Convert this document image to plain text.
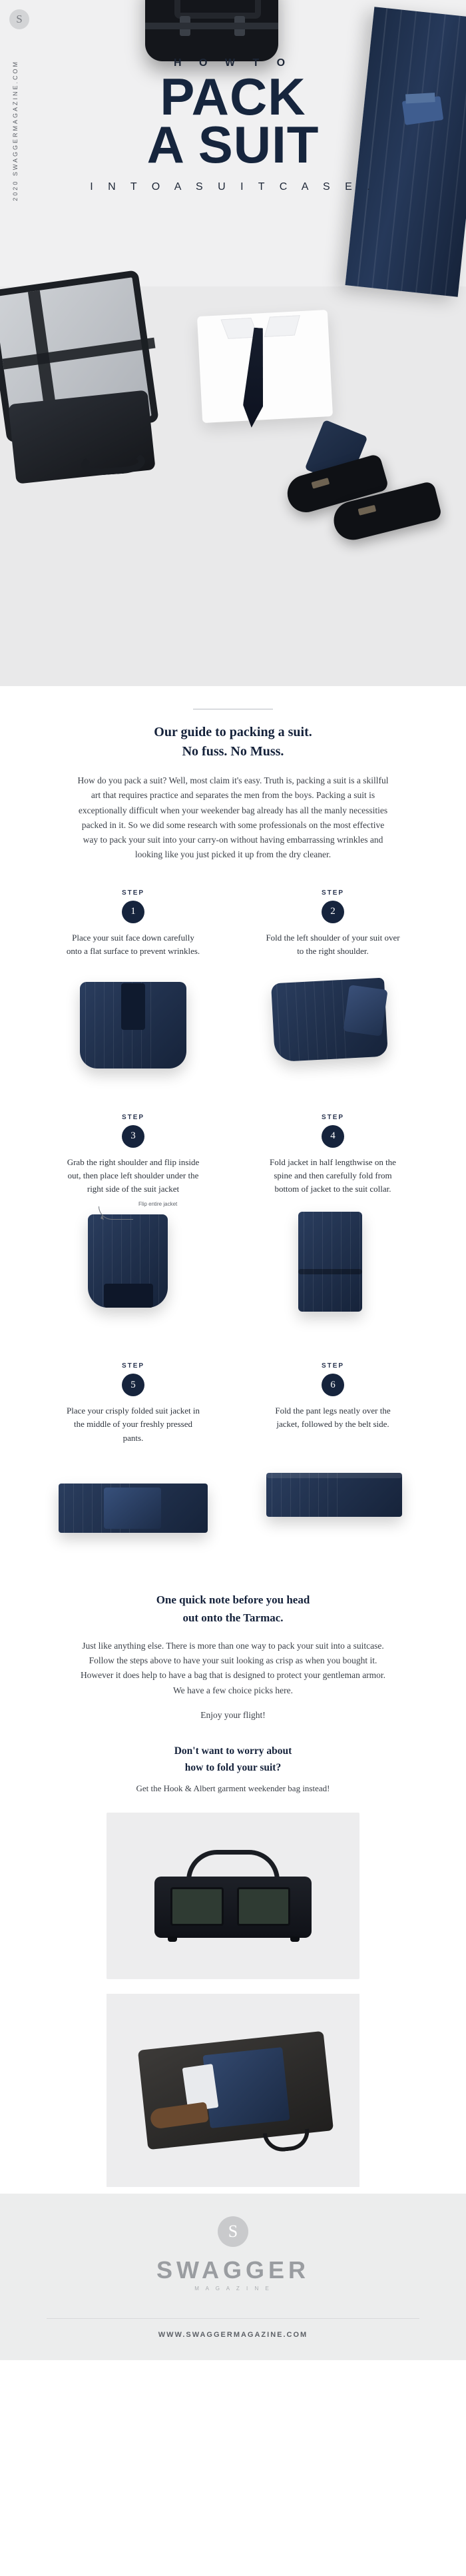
S
2020 SWAGGERMAGAZINE.COM	H O W T O
PACK
A SUIT
I N T O A S U I T C A S E .
Our guide to packing a suit.
No fuss. No Muss.

How do you pack a suit? Well, most claim it's easy. Truth is, packing a suit is a skillful art that requires practice and separates the men from the boys. Packing a suit is exceptionally difficult when your weekender bag already has all the manly necessities packed in it. So we did some research with some professionals on the most effective way to pack your suit into your carry-on without having embarrassing wrinkles and looking like you just picked it up from the dry cleaner.

STEP
1
Place your suit face down carefully onto a flat surface to prevent wrinkles.
STEP
2
Fold the left shoulder of your suit over to the right shoulder.
STEP
3
Grab the right shoulder and flip inside out, then place left shoulder under the right side of the suit jacket
STEP
4
Fold jacket in half lengthwise on the spine and then carefully fold from bottom of jacket to the suit collar.
Flip entire jacket
STEP
5
Place your crisply folded suit jacket in the middle of your freshly pressed pants.
STEP
6
Fold the pant legs neatly over the jacket, followed by the belt side.
One quick note before you head
out onto the Tarmac.

Just like anything else. There is more than one way to pack your suit into a suitcase. Follow the steps above to have your suit looking as crisp as when you bought it. However it does help to have a bag that is designed to protect your gentleman armor. We have a few choice picks here.

Enjoy your flight!
Don't want to worry about
how to fold your suit?
Get the Hook & Albert garment weekender bag instead!
S
SWAGGER
M A G A Z I N E
WWW.SWAGGERMAGAZINE.COM
